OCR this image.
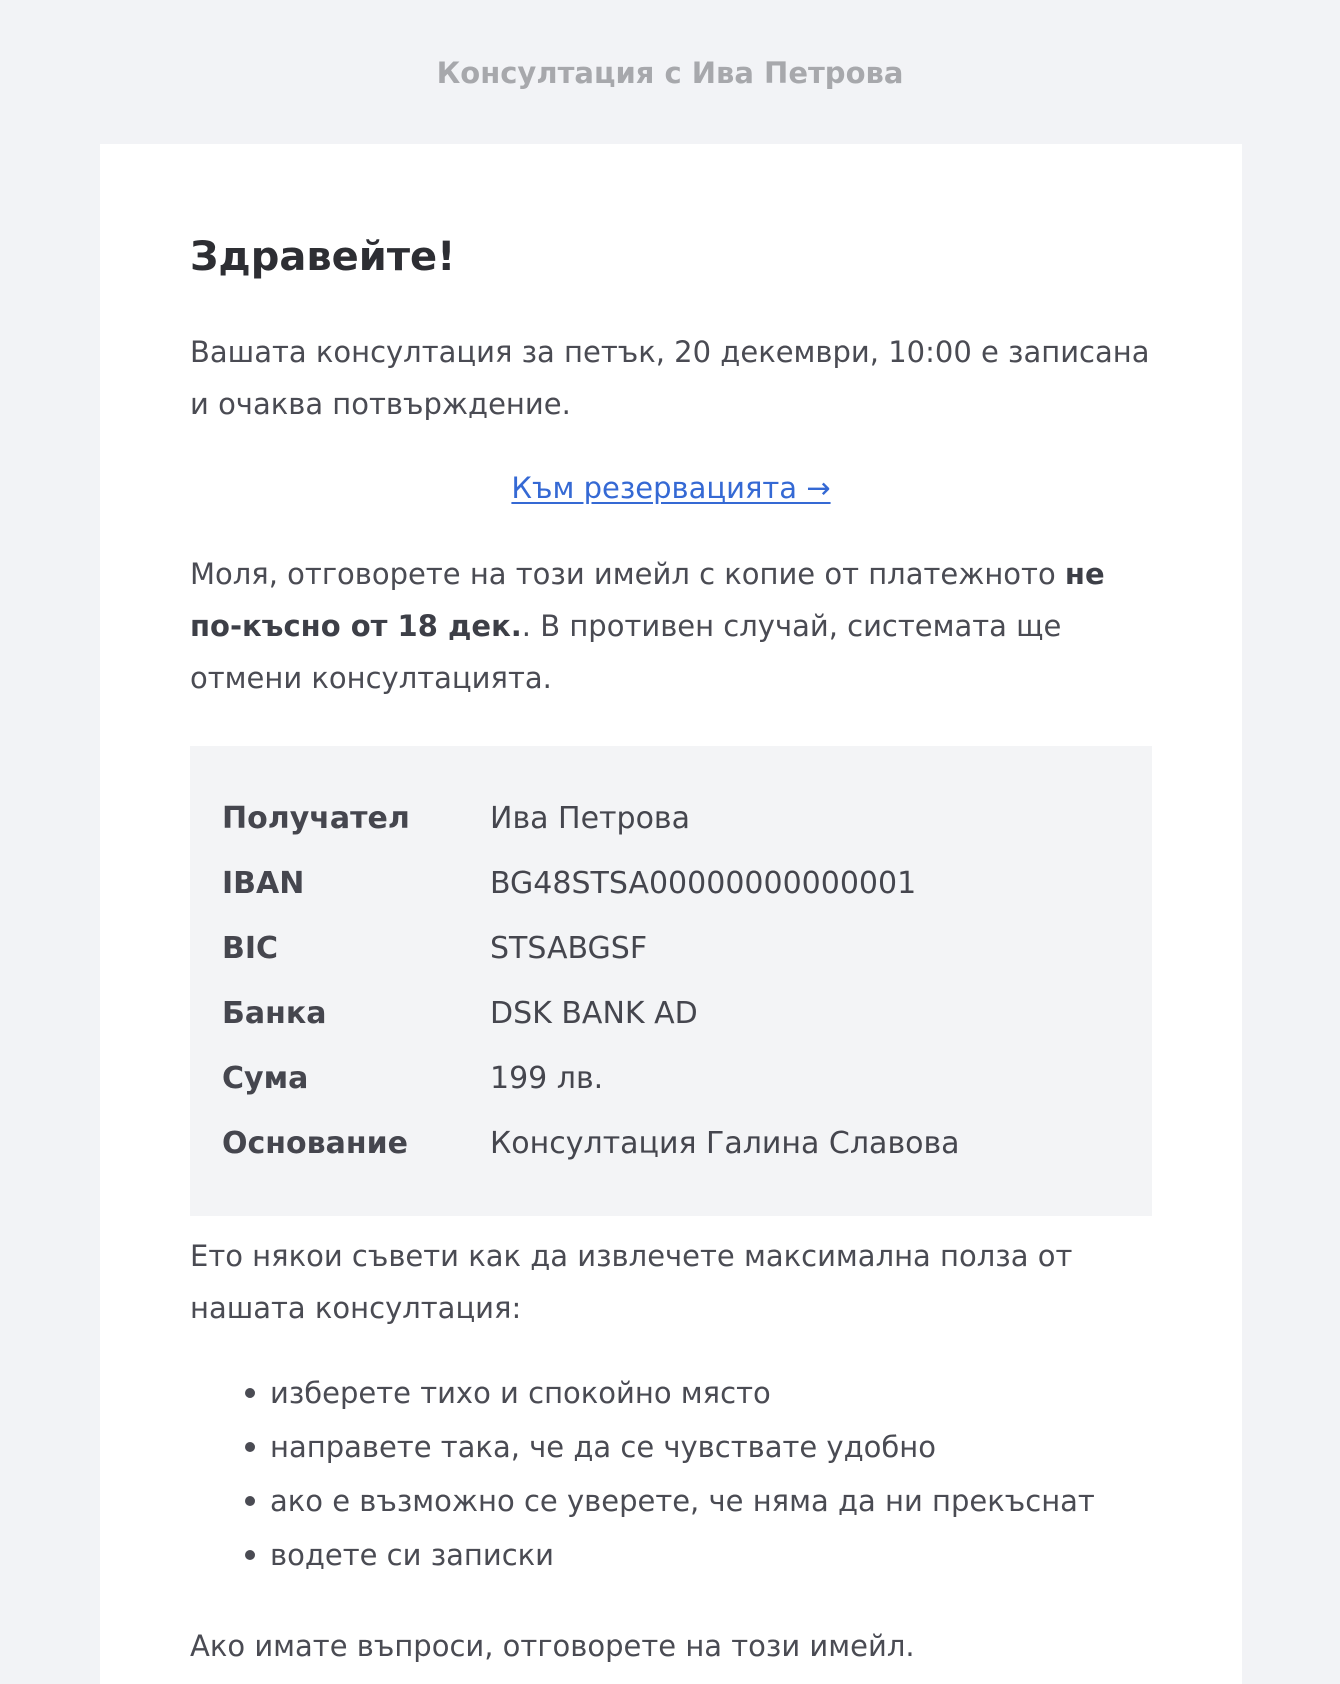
Консултация с Ива Петрова
Здравейте!

Вашата консултация за петък, 20 декември, 10:00 е записана и очаква потвърждение.

Към резервацията →

Моля, отговорете на този имейл с копие от платежното не по-късно от 18 дек.. В противен случай, системата ще отмени консултацията.

Получател	Ива Петрова
IBAN	BG48STSA00000000000001
BIC	STSABGSF
Банка	DSK BANK AD
Сума	199 лв.
Основание	Консултация Галина Славова

Ето някои съвети как да извлечете максимална полза от нашата консултация:

изберете тихо и спокойно място
направете така, че да се чувствате удобно
ако е възможно се уверете, че няма да ни прекъснат
водете си записки

Ако имате въпроси, отговорете на този имейл.
